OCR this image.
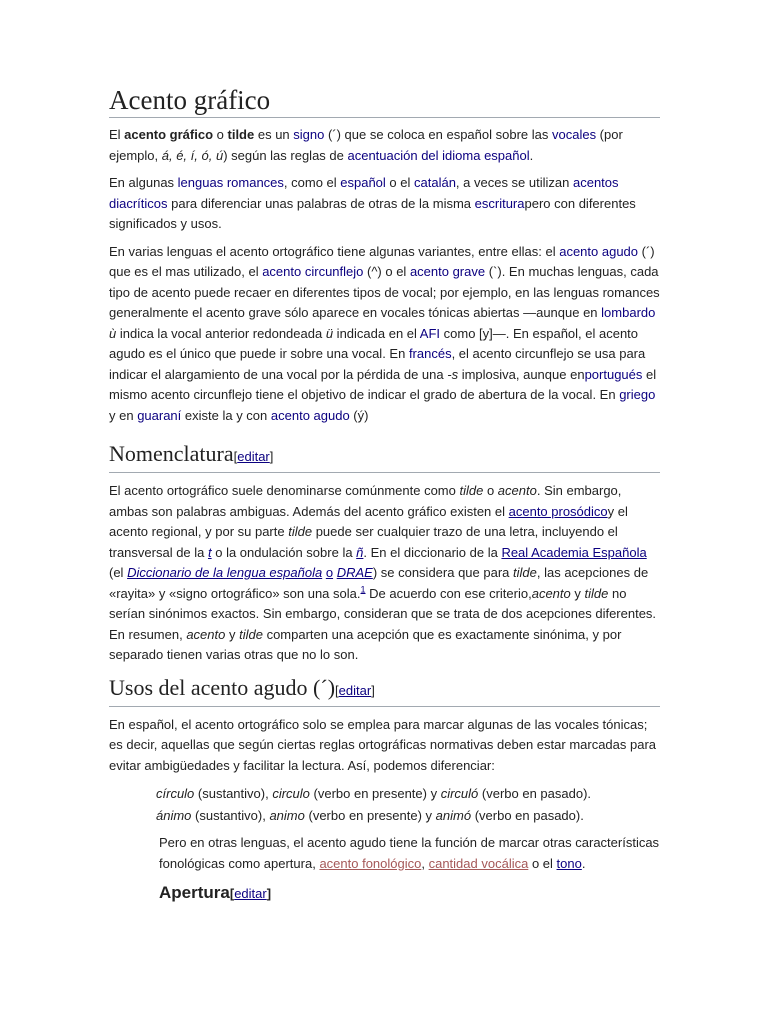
Acento gráfico

El acento gráfico o tilde es un signo (´) que se coloca en español sobre las vocales (por ejemplo, á, é, í, ó, ú) según las reglas de acentuación del idioma español.

En algunas lenguas romances, como el español o el catalán, a veces se utilizan acentos diacríticos para diferenciar unas palabras de otras de la misma escriturapero con diferentes significados y usos.

En varias lenguas el acento ortográfico tiene algunas variantes, entre ellas: el acento agudo (´) que es el mas utilizado, el acento circunflejo (^) o el acento grave (`). En muchas lenguas, cada tipo de acento puede recaer en diferentes tipos de vocal; por ejemplo, en las lenguas romances generalmente el acento grave sólo aparece en vocales tónicas abiertas —aunque en lombardo ù indica la vocal anterior redondeada ü indicada en el AFI como [y]—. En español, el acento agudo es el único que puede ir sobre una vocal. En francés, el acento circunflejo se usa para indicar el alargamiento de una vocal por la pérdida de una -s implosiva, aunque enportugués el mismo acento circunflejo tiene el objetivo de indicar el grado de abertura de la vocal. En griego y en guaraní existe la y con acento agudo (ý)

Nomenclatura[editar]

El acento ortográfico suele denominarse comúnmente como tilde o acento. Sin embargo, ambas son palabras ambiguas. Además del acento gráfico existen el acento prosódicoy el acento regional, y por su parte tilde puede ser cualquier trazo de una letra, incluyendo el transversal de la t o la ondulación sobre la ñ. En el diccionario de la Real Academia Española (el Diccionario de la lengua española o DRAE) se considera que para tilde, las acepciones de «rayita» y «signo ortográfico» son una sola.$^1$ De acuerdo con ese criterio,acento y tilde no serían sinónimos exactos. Sin embargo, consideran que se trata de dos acepciones diferentes. En resumen, acento y tilde comparten una acepción que es exactamente sinónima, y por separado tienen varias otras que no lo son.

Usos del acento agudo (´)[editar]

En español, el acento ortográfico solo se emplea para marcar algunas de las vocales tónicas; es decir, aquellas que según ciertas reglas ortográficas normativas deben estar marcadas para evitar ambigüedades y facilitar la lectura. Así, podemos diferenciar:

círculo (sustantivo), circulo (verbo en presente) y circuló (verbo en pasado).
ánimo (sustantivo), animo (verbo en presente) y animó (verbo en pasado).

Pero en otras lenguas, el acento agudo tiene la función de marcar otras características fonológicas como apertura, acento fonológico, cantidad vocálica o el tono.

Apertura[editar]
